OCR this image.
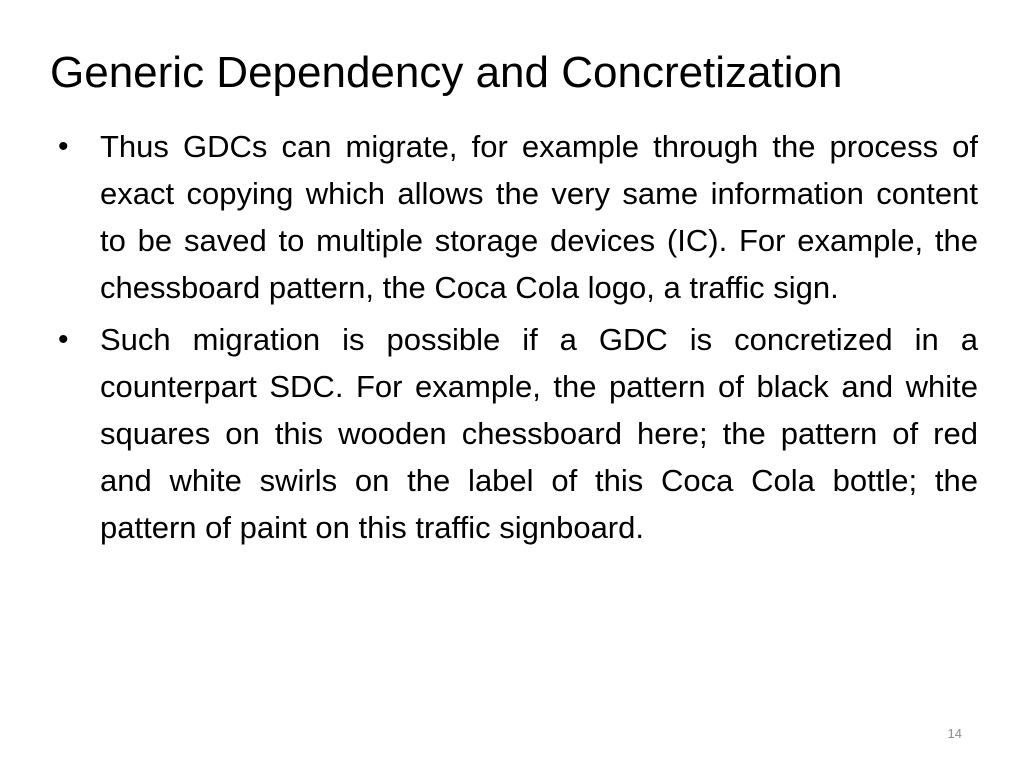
Generic Dependency and Concretization
•	Thus GDCs can migrate, for example through the process of exact copying which allows the very same information content to be saved to multiple storage devices (IC). For example, the chessboard pattern, the Coca Cola logo, a traffic sign.
•	Such migration is possible if a GDC is concretized in a counterpart SDC. For example, the pattern of black and white squares on this wooden chessboard here; the pattern of red and white swirls on the label of this Coca Cola bottle; the pattern of paint on this traffic signboard.
14
